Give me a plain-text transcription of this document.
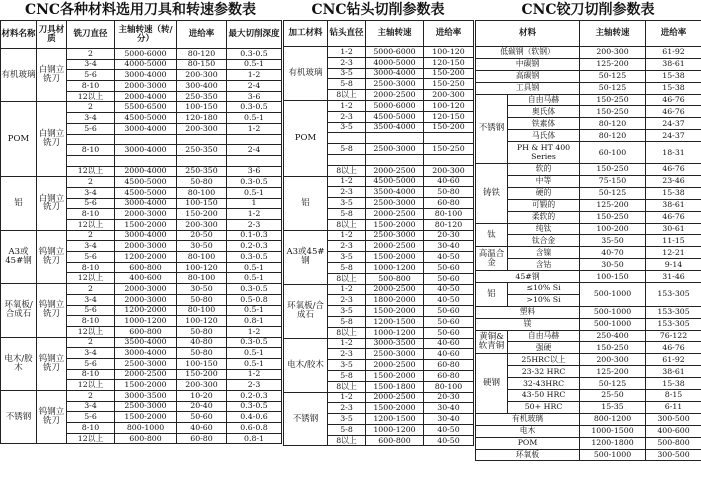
CNC各种材料选用刀具和转速参数表
材料名称	刀具材质	铣刀直径	主轴转速（转/分）	进给率	最大切削深度
有机玻璃	白钢立铣刀	2	5000-6000	80-120	0.3-0.5
		3-4	4000-5000	80-150	0.5-1
		5-6	3000-4000	200-300	1-2
		8-10	2000-3000	300-400	2-4
		12以上	2000-4000	250-350	3-6
POM	白钢立铣刀	2	5500-6500	100-150	0.3-0.5
		3-4	4500-5000	120-180	0.5-1
		5-6	3000-4000	200-300	1-2

		8-10	3000-4000	250-350	2-4

		12以上	2000-4000	250-350	3-6
铝	白钢立铣刀	2	4500-5000	50-80	0.3-0.5
		3-4	4500-5000	80-100	0.5-1
		5-6	3000-4000	100-150	1
		8-10	2000-3000	150-200	1-2
		12以上	1500-2000	200-300	2-3
A3或45#钢	钨钢立铣刀	2	3000-4000	20-50	0.1-0.3
		3-4	2000-3000	30-50	0.2-0.3
		5-6	1200-2000	80-100	0.3-0.5
		8-10	600-800	100-120	0.5-1
		12以上	400-600	80-100	0.5-1
环氧板/合成石	钨钢立铣刀	2	2000-3000	30-50	0.3-0.5
		3-4	2000-3000	50-80	0.5-0.8
		5-6	1200-2000	80-100	0.5-1
		8-10	1000-1200	100-120	0.8-1
		12以上	600-800	50-80	1-2
电木/胶木	钨钢立铣刀	2	3500-4000	40-80	0.3-0.5
		3-4	3000-4000	50-80	0.5-1
		5-6	2500-3000	100-150	0.5-1
		8-10	2000-2500	150-200	1-2
		12以上	1500-2000	200-300	2-3
不锈钢	钨钢立铣刀	2	3000-3500	10-20	0.2-0.3
		3-4	2500-3000	20-40	0.3-0.5
		5-6	1500-2000	50-60	0.4-0.6
		8-10	800-1000	40-60	0.6-0.8
		12以上	600-800	60-80	0.8-1
CNC钻头切削参数表
加工材料	钻头直径	主轴转速	进给率
有机玻璃	1-2	5000-6000	100-120
	2-3	4000-5000	120-150
	3-5	3000-4000	150-200
	5-8	2500-3000	150-250
	8以上	2000-2500	200-300
POM	1-2	5000-6000	100-120
	2-3	4500-5000	120-150
	3-5	3500-4000	150-200

	5-8	2500-3000	150-250

	8以上	2000-2500	200-300
铝	1-2	4500-5000	40-60
	2-3	3500-4000	50-80
	3-5	2500-3000	60-80
	5-8	2000-2500	80-100
	8以上	1500-2000	80-120
A3或45#钢	1-2	2500-3000	20-30
	2-3	2000-2500	30-40
	3-5	1500-2000	40-50
	5-8	1000-1200	50-60
	8以上	500-800	50-60
环氧板/合成石	1-2	2000-2500	40-50
	2-3	1800-2000	40-50
	3-5	1500-2000	50-60
	5-8	1200-1500	50-60
	8以上	1000-1200	50-60
电木/胶木	1-2	3000-3500	40-60
	2-3	2500-3000	40-60
	3-5	2000-2500	60-80
	5-8	1500-2000	60-80
	8以上	1500-1800	80-100
不锈钢	1-2	2000-2500	20-30
	2-3	1500-2000	30-40
	3-5	1200-1500	30-40
	5-8	1000-1200	40-50
	8以上	600-800	40-50
CNC铰刀切削参数表
材料		主轴转速	进给率
低碳钢（软钢）		200-300	61-92
中碳钢		125-200	38-61
高碳钢		50-125	15-38
工具钢		50-125	15-38
不锈钢	自由马赫	150-250	46-76
	奥氏体	150-250	46-76
	铁素体	80-120	24-37
	马氏体	80-120	24-37
	PH & HT 400 Series	60-100	18-31
铸铁	软的	150-250	46-76
	中等	75-150	23-46
	硬的	50-125	15-38
	可锻的	125-200	38-61
	柔软的	150-250	46-76
钛	纯钛	100-200	30-61
	钛合金	35-50	11-15
高温合金	含镍	40-70	12-21
	含钴	30-50	9-14
45#钢		100-150	31-46
铝	≤10% Si	500-1000	153-305
	>10% Si		
塑料		500-1000	153-305
镁		500-1000	153-305
黄铜&软青铜	自由马赫	250-400	76-122
	强硬	150-250	46-76
硬钢	25HRC以上	200-300	61-92
	23-32 HRC	125-200	38-61
	32-43HRC	50-125	15-38
	43-50 HRC	25-50	8-15
	50+ HRC	15-35	6-11
有机玻璃		800-1200	300-500
电木		1000-1500	400-600
POM		1200-1800	500-800
环氧板		500-1000	300-500
